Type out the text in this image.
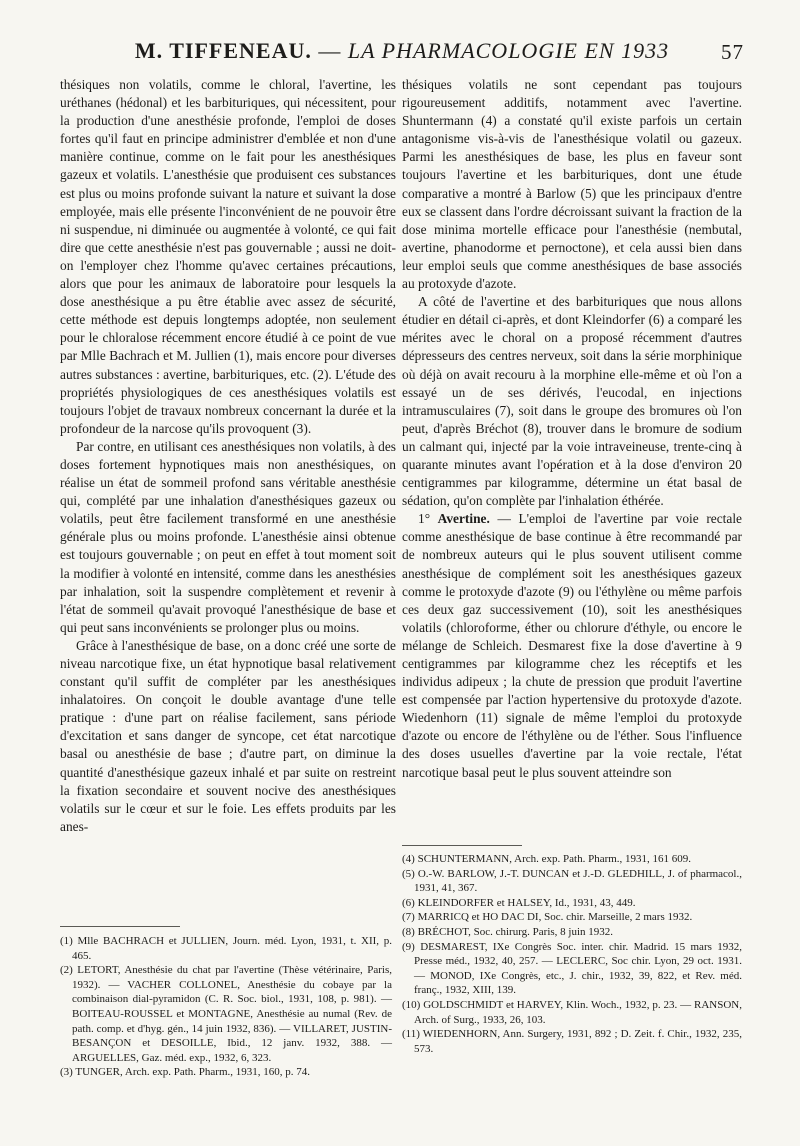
M. TIFFENEAU. — LA PHARMACOLOGIE EN 1933 57

thésiques non volatils, comme le chloral, l'avertine, les uréthanes (hédonal) et les barbituriques, qui nécessitent, pour la production d'une anesthésie profonde, l'emploi de doses fortes qu'il faut en principe administrer d'emblée et non d'une manière continue, comme on le fait pour les anesthésiques gazeux et volatils. L'anesthésie que produisent ces substances est plus ou moins profonde suivant la nature et suivant la dose employée, mais elle présente l'inconvénient de ne pouvoir être ni suspendue, ni diminuée ou augmentée à volonté, ce qui fait dire que cette anesthésie n'est pas gouvernable ; aussi ne doit-on l'employer chez l'homme qu'avec certaines précautions, alors que pour les animaux de laboratoire pour lesquels la dose anesthésique a pu être établie avec assez de sécurité, cette méthode est depuis longtemps adoptée, non seulement pour le chloralose récemment encore étudié à ce point de vue par Mlle Bachrach et M. Jullien (1), mais encore pour diverses autres substances : avertine, barbituriques, etc. (2). L'étude des propriétés physiologiques de ces anesthésiques volatils est toujours l'objet de travaux nombreux concernant la durée et la profondeur de la narcose qu'ils provoquent (3).

Par contre, en utilisant ces anesthésiques non volatils, à des doses fortement hypnotiques mais non anesthésiques, on réalise un état de sommeil profond sans véritable anesthésie qui, complété par une inhalation d'anesthésiques gazeux ou volatils, peut être facilement transformé en une anesthésie générale plus ou moins profonde. L'anesthésie ainsi obtenue est toujours gouvernable ; on peut en effet à tout moment soit la modifier à volonté en intensité, comme dans les anesthésies par inhalation, soit la suspendre complètement et revenir à l'état de sommeil qu'avait provoqué l'anesthésique de base et qui peut sans inconvénients se prolonger plus ou moins.

Grâce à l'anesthésique de base, on a donc créé une sorte de niveau narcotique fixe, un état hypnotique basal relativement constant qu'il suffit de compléter par les anesthésiques inhalatoires. On conçoit le double avantage d'une telle pratique : d'une part on réalise facilement, sans période d'excitation et sans danger de syncope, cet état narcotique basal ou anesthésie de base ; d'autre part, on diminue la quantité d'anesthésique gazeux inhalé et par suite on restreint la fixation secondaire et souvent nocive des anesthésiques volatils sur le cœur et sur le foie. Les effets produits par les anes-

thésiques volatils ne sont cependant pas toujours rigoureusement additifs, notamment avec l'avertine. Shuntermann (4) a constaté qu'il existe parfois un certain antagonisme vis-à-vis de l'anesthésique volatil ou gazeux. Parmi les anesthésiques de base, les plus en faveur sont toujours l'avertine et les barbituriques, dont une étude comparative a montré à Barlow (5) que les principaux d'entre eux se classent dans l'ordre décroissant suivant la fraction de la dose minima mortelle efficace pour l'anesthésie (nembutal, avertine, phanodorme et pernoctone), et cela aussi bien dans leur emploi seuls que comme anesthésiques de base associés au protoxyde d'azote.

A côté de l'avertine et des barbituriques que nous allons étudier en détail ci-après, et dont Kleindorfer (6) a comparé les mérites avec le choral on a proposé récemment d'autres dépresseurs des centres nerveux, soit dans la série morphinique où déjà on avait recouru à la morphine elle-même et où l'on a essayé un de ses dérivés, l'eucodal, en injections intramusculaires (7), soit dans le groupe des bromures où l'on peut, d'après Bréchot (8), trouver dans le bromure de sodium un calmant qui, injecté par la voie intraveineuse, trente-cinq à quarante minutes avant l'opération et à la dose d'environ 20 centigrammes par kilogramme, détermine un état basal de sédation, qu'on complète par l'inhalation éthérée.

1° Avertine. — L'emploi de l'avertine par voie rectale comme anesthésique de base continue à être recommandé par de nombreux auteurs qui le plus souvent utilisent comme anesthésique de complément soit les anesthésiques gazeux comme le protoxyde d'azote (9) ou l'éthylène ou même parfois ces deux gaz successivement (10), soit les anesthésiques volatils (chloroforme, éther ou chlorure d'éthyle, ou encore le mélange de Schleich. Desmarest fixe la dose d'avertine à 9 centigrammes par kilogramme chez les réceptifs et les individus adipeux ; la chute de pression que produit l'avertine est compensée par l'action hypertensive du protoxyde d'azote. Wiedenhorn (11) signale de même l'emploi du protoxyde d'azote ou encore de l'éthylène ou de l'éther. Sous l'influence des doses usuelles d'avertine par la voie rectale, l'état narcotique basal peut le plus souvent atteindre son

(1) Mlle BACHRACH et JULLIEN, Journ. méd. Lyon, 1931, t. XII, p. 465.

(2) LETORT, Anesthésie du chat par l'avertine (Thèse vétérinaire, Paris, 1932). — VACHER COLLONEL, Anesthésie du cobaye par la combinaison dial-pyramidon (C. R. Soc. biol., 1931, 108, p. 981). — BOITEAU-ROUSSEL et MONTAGNE, Anesthésie au numal (Rev. de path. comp. et d'hyg. gén., 14 juin 1932, 836). — VILLARET, JUSTIN-BESANÇON et DESOILLE, Ibid., 12 janv. 1932, 388. — ARGUELLES, Gaz. méd. exp., 1932, 6, 323.

(3) TUNGER, Arch. exp. Path. Pharm., 1931, 160, p. 74.

(4) SCHUNTERMANN, Arch. exp. Path. Pharm., 1931, 161 609.

(5) O.-W. BARLOW, J.-T. DUNCAN et J.-D. GLEDHILL, J. of pharmacol., 1931, 41, 367.

(6) KLEINDORFER et HALSEY, Id., 1931, 43, 449.

(7) MARRICQ et HO DAC DI, Soc. chir. Marseille, 2 mars 1932.

(8) BRÉCHOT, Soc. chirurg. Paris, 8 juin 1932.

(9) DESMAREST, IXe Congrès Soc. inter. chir. Madrid. 15 mars 1932, Presse méd., 1932, 40, 257. — LECLERC, Soc chir. Lyon, 29 oct. 1931. — MONOD, IXe Congrès, etc., J. chir., 1932, 39, 822, et Rev. méd. franç., 1932, XIII, 139.

(10) GOLDSCHMIDT et HARVEY, Klin. Woch., 1932, p. 23. — RANSON, Arch. of Surg., 1933, 26, 103.

(11) WIEDENHORN, Ann. Surgery, 1931, 892 ; D. Zeit. f. Chir., 1932, 235, 573.
